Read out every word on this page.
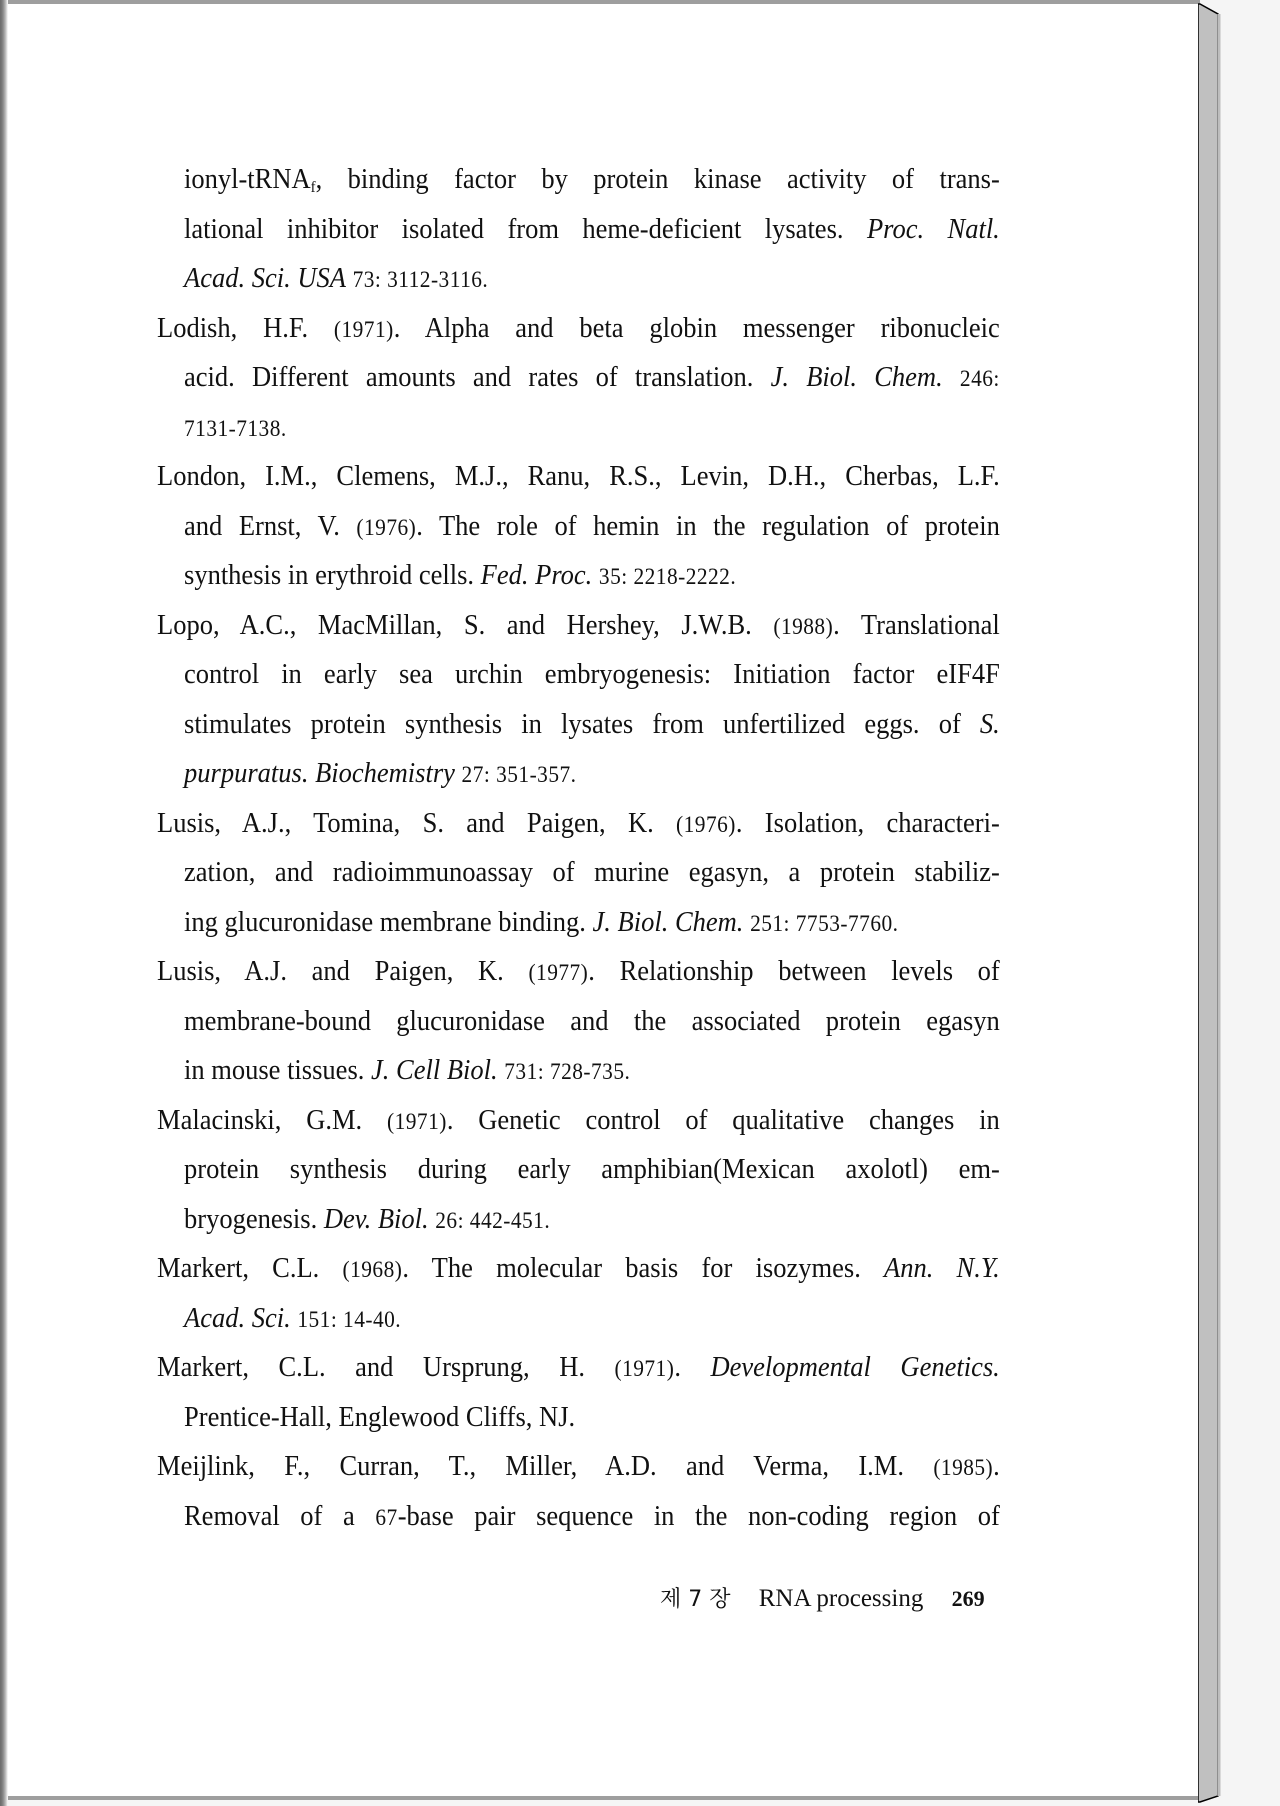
ionyl-tRNA$_f$, binding factor by protein kinase activity of trans-
lational inhibitor isolated from heme-deficient lysates. Proc. Natl.
Acad. Sci. USA 73: 3112-3116.
Lodish, H.F. (1971). Alpha and beta globin messenger ribonucleic
acid. Different amounts and rates of translation. J. Biol. Chem. 246:
7131-7138.
London, I.M., Clemens, M.J., Ranu, R.S., Levin, D.H., Cherbas, L.F.
and Ernst, V. (1976). The role of hemin in the regulation of protein
synthesis in erythroid cells. Fed. Proc. 35: 2218-2222.
Lopo, A.C., MacMillan, S. and Hershey, J.W.B. (1988). Translational
control in early sea urchin embryogenesis: Initiation factor eIF4F
stimulates protein synthesis in lysates from unfertilized eggs. of S.
purpuratus. Biochemistry 27: 351-357.
Lusis, A.J., Tomina, S. and Paigen, K. (1976). Isolation, characteri-
zation, and radioimmunoassay of murine egasyn, a protein stabiliz-
ing glucuronidase membrane binding. J. Biol. Chem. 251: 7753-7760.
Lusis, A.J. and Paigen, K. (1977). Relationship between levels of
membrane-bound glucuronidase and the associated protein egasyn
in mouse tissues. J. Cell Biol. 731: 728-735.
Malacinski, G.M. (1971). Genetic control of qualitative changes in
protein synthesis during early amphibian(Mexican axolotl) em-
bryogenesis. Dev. Biol. 26: 442-451.
Markert, C.L. (1968). The molecular basis for isozymes. Ann. N.Y.
Acad. Sci. 151: 14-40.
Markert, C.L. and Ursprung, H. (1971). Developmental Genetics.
Prentice-Hall, Englewood Cliffs, NJ.
Meijlink, F., Curran, T., Miller, A.D. and Verma, I.M. (1985).
Removal of a 67-base pair sequence in the non-coding region of
제 7 장 RNA processing 269
